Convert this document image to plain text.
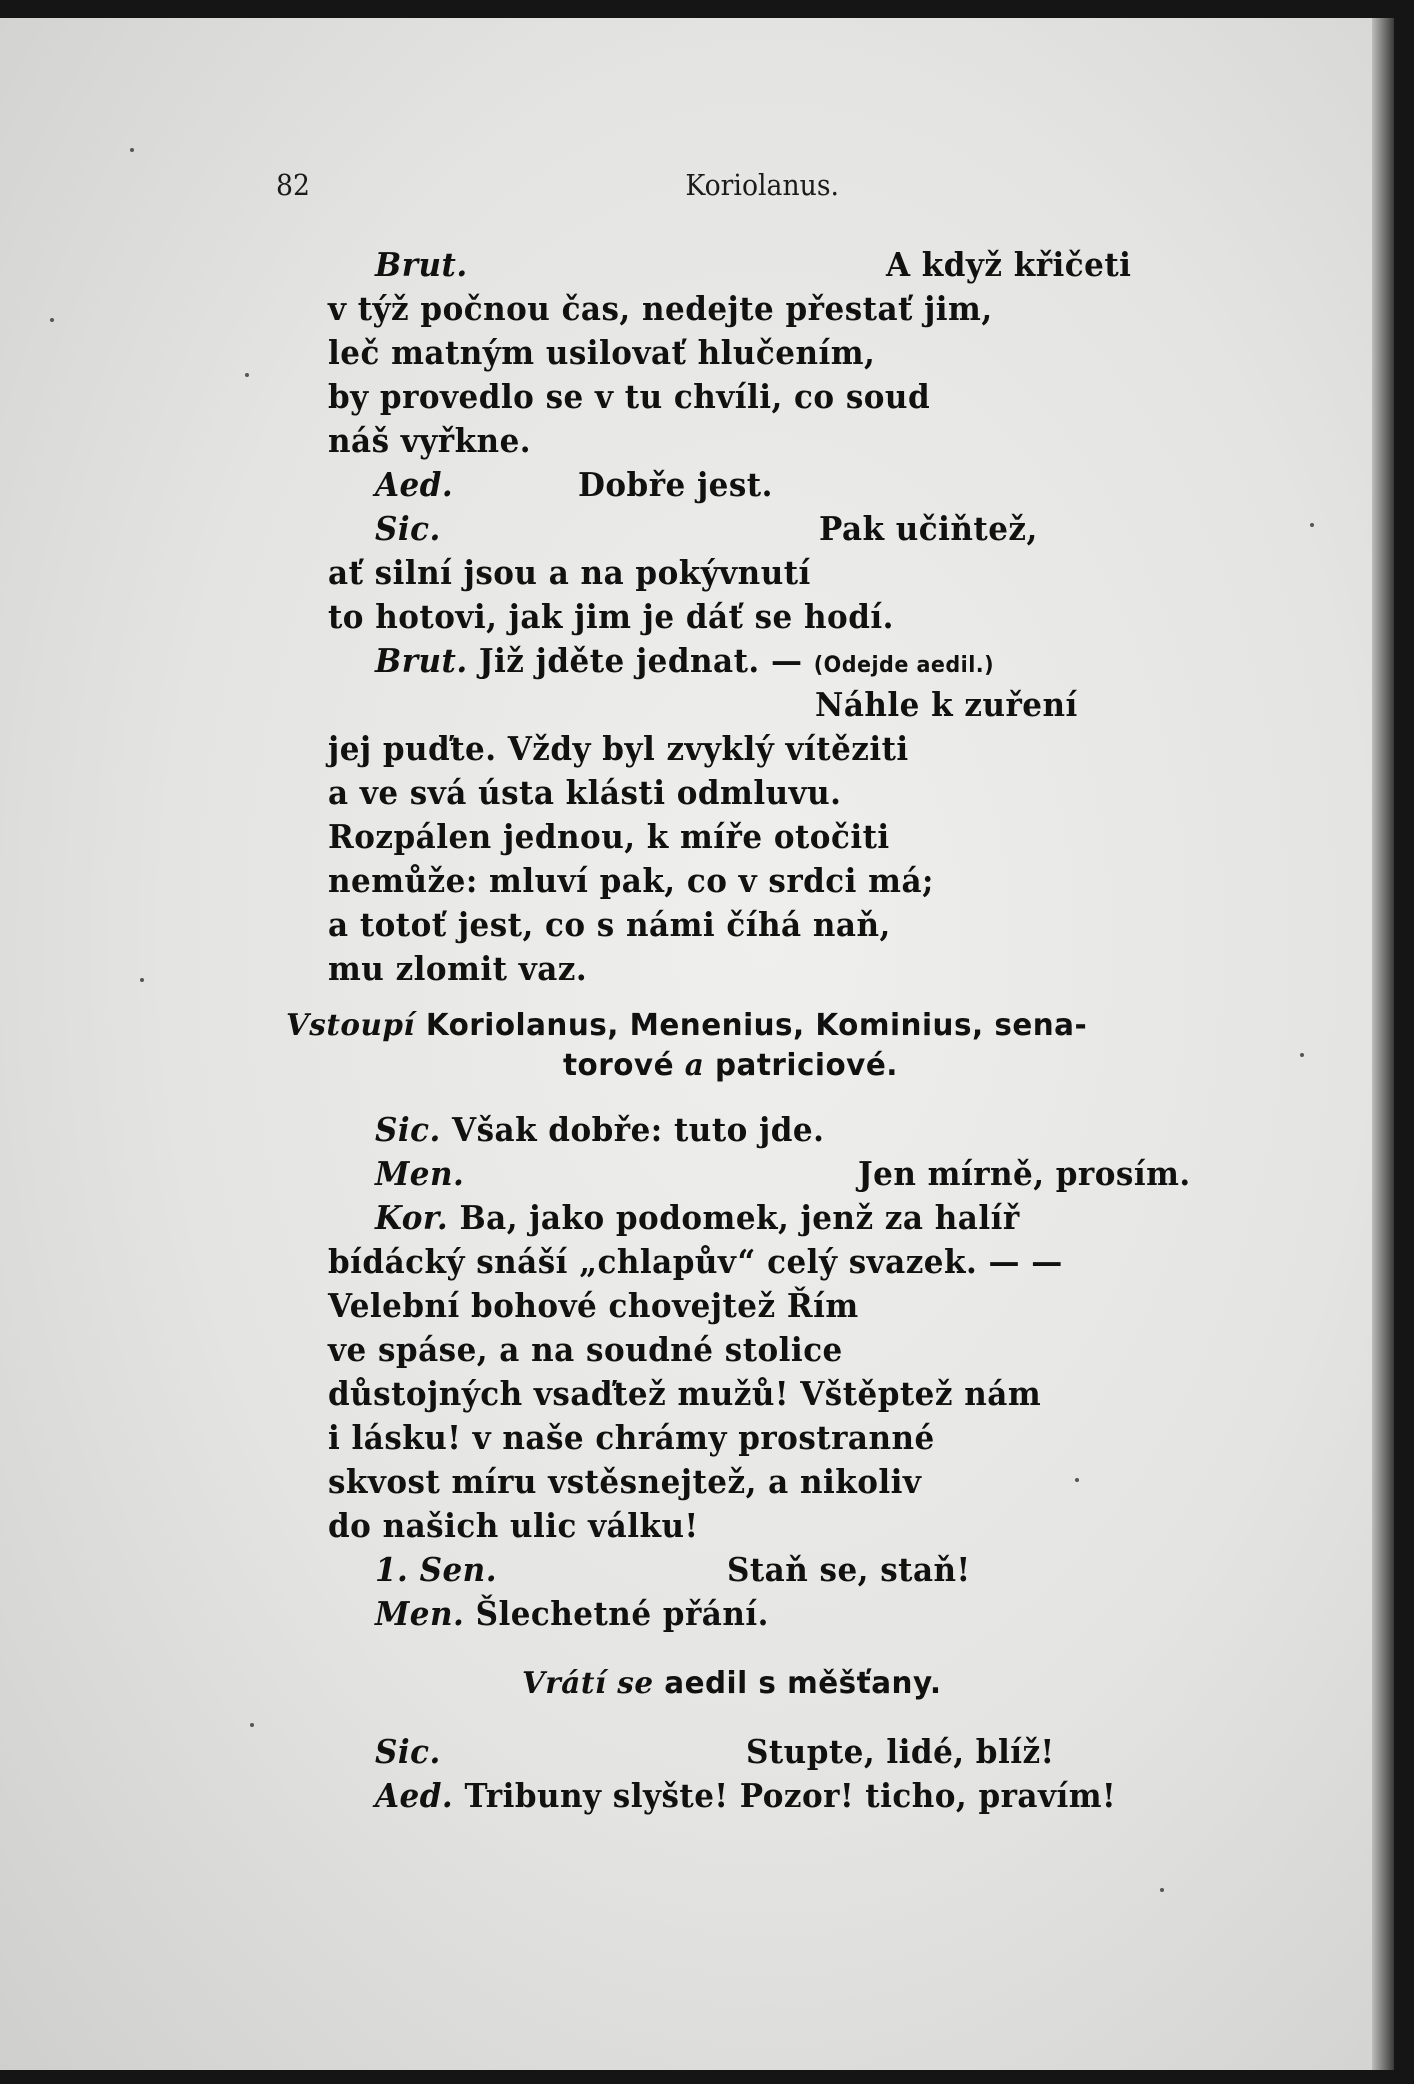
82	Koriolanus.
Brut.	A když křičeti
v týž počnou čas, nedejte přestať jim,
leč matným usilovať hlučením,
by provedlo se v tu chvíli, co soud
náš vyřkne.
Aed.	Dobře jest.
Sic.	Pak učiňtež,
ať silní jsou a na pokývnutí
to hotovi, jak jim je dáť se hodí.
Brut. Již jděte jednat. — (Odejde aedil.)
Náhle k zuření
jej puďte. Vždy byl zvyklý vítěziti
a ve svá ústa klásti odmluvu.
Rozpálen jednou, k míře otočiti
nemůže: mluví pak, co v srdci má;
a totoť jest, co s námi číhá naň,
mu zlomit vaz.
Vstoupí Koriolanus, Menenius, Kominius, sena-
torové a patriciové.
Sic. Však dobře: tuto jde.
Men.	Jen mírně, prosím.
Kor. Ba, jako podomek, jenž za halíř
bídácký snáší „chlapův“ celý svazek. — —
Velební bohové chovejtež Řím
ve spáse, a na soudné stolice
důstojných vsaďtež mužů! Vštěptež nám
i lásku! v naše chrámy prostranné
skvost míru vstěsnejtež, a nikoliv
do našich ulic válku!
1. Sen.	Staň se, staň!
Men. Šlechetné přání.
Vrátí se aedil s měšťany.
Sic.	Stupte, lidé, blíž!
Aed. Tribuny slyšte! Pozor! ticho, pravím!
